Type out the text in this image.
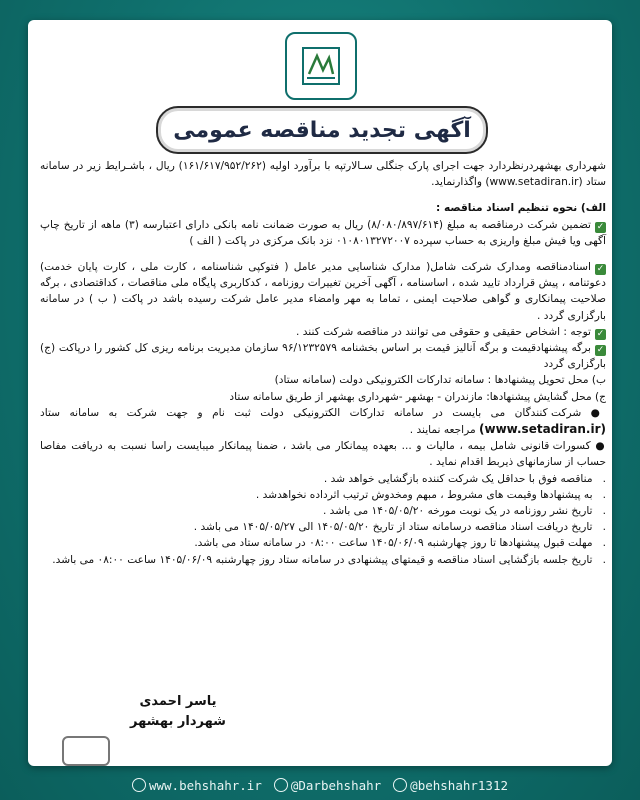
آگهی تجدید مناقصه عمومی

شهرداری بهشهردرنظردارد جهت اجرای پارک جنگلی سـالارتپه با برآورد اولیه (۱۶۱/۶۱۷/۹۵۲/۲۶۲) ریال ، باشـرایط زیر در سامانه ستاد (www.setadiran.ir) واگذارنماید.

الف) نحوه تنظیم اسناد مناقصه :

✓تضمین شرکت درمناقصه به مبلغ (۸/۰۸۰/۸۹۷/۶۱۴) ریال به صورت ضمانت نامه بانکی دارای اعتبارسه (۳) ماهه از تاریخ چاپ آگهی ویا فیش مبلغ واریزی به حساب سپرده ۰۱۰۸۰۱۳۲۷۲۰۰۷ نزد بانک مرکزی در پاکت ( الف )

✓اسنادمناقصه ومدارک شرکت شامل( مدارک شناسایی مدیر عامل ( فتوکپی شناسنامه ، کارت ملی ، کارت پایان خدمت) دعوتنامه ، پیش قرارداد تایید شده ، اساسنامه ، آگهی آخرین تغییرات روزنامه ، کدکاربری پایگاه ملی مناقصات ، کداقتصادی ، برگه صلاحیت پیمانکاری و گواهی صلاحیت ایمنی ، تماما به مهر وامضاء مدیر عامل شرکت رسیده باشد در پاکت ( ب ) در سامانه بارگزاری گردد .

✓توجه : اشخاص حقیقی و حقوقی می توانند در مناقصه شرکت کنند .

✓برگه پیشنهادقیمت و برگه آنالیز قیمت بر اساس بخشنامه ۹۶/۱۲۳۲۵۷۹ سازمان مدیریت برنامه ریزی کل کشور را درپاکت (ج) بارگزاری گردد

ب) محل تحویل پیشنهادها : سامانه تدارکات الکترونیکی دولت (سامانه ستاد)

ج) محل گشایش پیشنهادها: مازندران - بهشهر -شهرداری بهشهر از طریق سامانه ستاد

● شرکت کنندگان می بایست در سامانه تدارکات الکترونیکی دولت ثبت نام و جهت شرکت به سامانه ستاد (www.setadiran.ir) مراجعه نمایند .

● کسورات قانونی شامل بیمه ، مالیات و ... بعهده پیمانکار می باشد ، ضمنا پیمانکار میبایست راسا نسبت به دریافت مفاصا حساب از سازمانهای ذیربط اقدام نماید .

.   مناقصه فوق با حداقل یک شرکت کننده بازگشایی خواهد شد .

.   به پیشنهادها وقیمت های مشروط ، مبهم ومخدوش ترتیب اثرداده نخواهدشد .

.   تاریخ نشر روزنامه در یک نوبت مورخه ۱۴۰۵/۰۵/۲۰ می باشد .

.   تاریخ دریافت اسناد مناقصه درسامانه ستاد از تاریخ ۱۴۰۵/۰۵/۲۰ الی ۱۴۰۵/۰۵/۲۷ می باشد .

.   مهلت قبول پیشنهادها تا روز چهارشنبه ۱۴۰۵/۰۶/۰۹ ساعت ۰۸:۰۰ در سامانه ستاد می باشد.

.   تاریخ جلسه بازگشایی اسناد مناقصه و قیمتهای پیشنهادی در سامانه ستاد روز چهارشنبه ۱۴۰۵/۰۶/۰۹ ساعت ۰۸:۰۰ می باشد.

یاسر احمدی
شهردار بهشهر
www.behshahr.ir	@Darbehshahr	@behshahr1312
